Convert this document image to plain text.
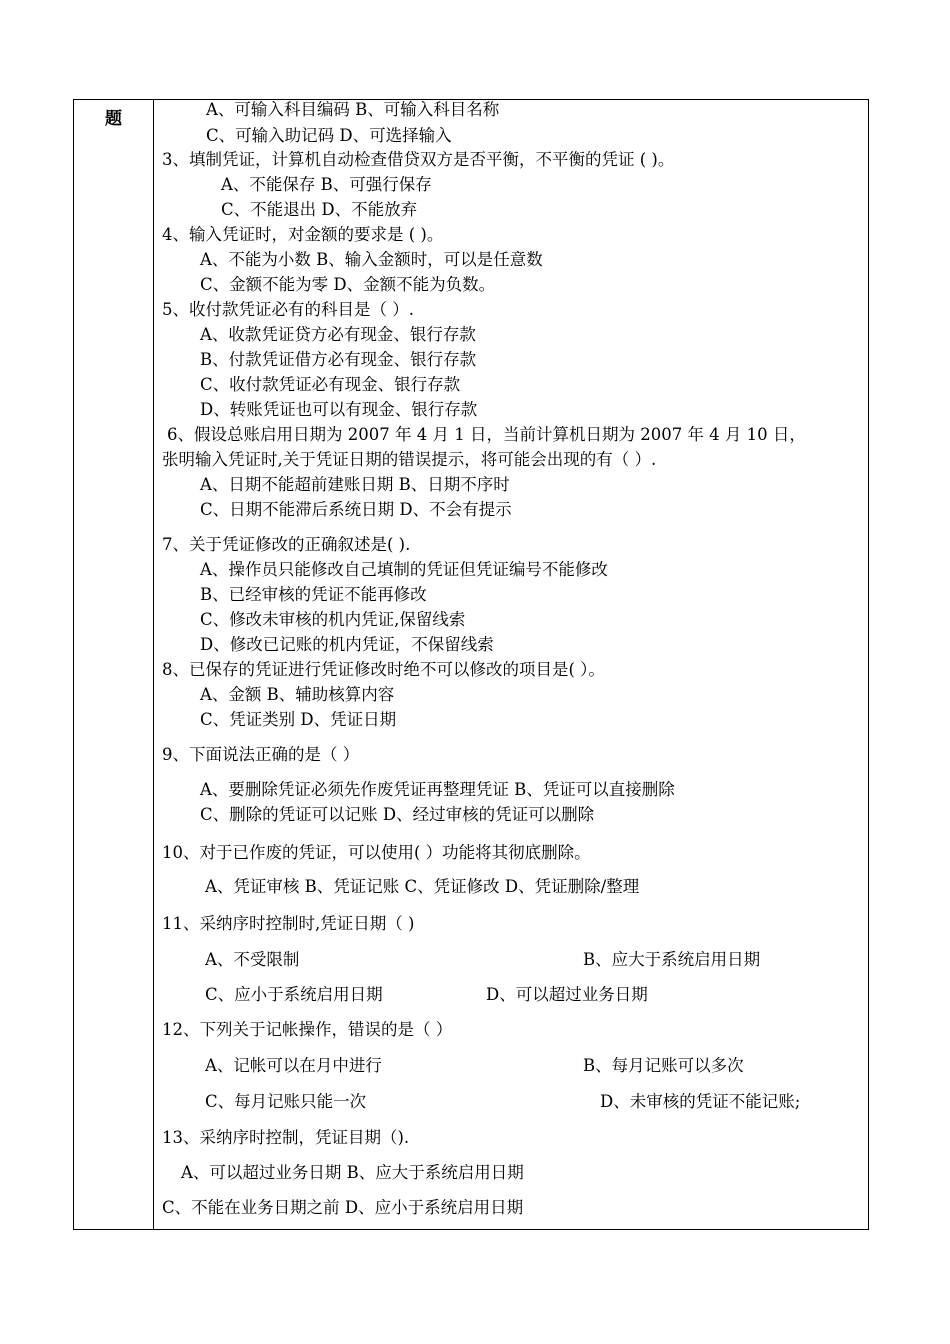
题	A、可输入科目编码 B、可输入科目名称
C、可输入助记码 D、可选择输入
3、填制凭证，计算机自动检查借贷双方是否平衡，不平衡的凭证 ( )。
A、不能保存 B、可强行保存
C、不能退出 D、不能放弃
4、输入凭证时，对金额的要求是 ( )。
A、不能为小数 B、输入金额时，可以是任意数
C、金额不能为零 D、金额不能为负数。
5、收付款凭证必有的科目是（ ）.
A、收款凭证贷方必有现金、银行存款
B、付款凭证借方必有现金、银行存款
C、收付款凭证必有现金、银行存款
D、转账凭证也可以有现金、银行存款
6、假设总账启用日期为 2007 年 4 月 1 日，当前计算机日期为 2007 年 4 月 10 日，
张明输入凭证时,关于凭证日期的错误提示，将可能会出现的有（ ）.
A、日期不能超前建账日期 B、日期不序时
C、日期不能滞后系统日期 D、不会有提示
7、关于凭证修改的正确叙述是( ).
A、操作员只能修改自己填制的凭证但凭证编号不能修改
B、已经审核的凭证不能再修改
C、修改未审核的机内凭证,保留线索
D、修改已记账的机内凭证，不保留线索
8、已保存的凭证进行凭证修改时绝不可以修改的项目是( ）。
A、金额 B、辅助核算内容
C、凭证类别 D、凭证日期
9、下面说法正确的是（ ）
A、要删除凭证必须先作废凭证再整理凭证 B、凭证可以直接删除
C、删除的凭证可以记账 D、经过审核的凭证可以删除
10、对于已作废的凭证，可以使用( ）功能将其彻底删除。
A、凭证审核 B、凭证记账 C、凭证修改 D、凭证删除/整理
11、采纳序时控制时,凭证日期（ )
A、不受限制	B、应大于系统启用日期
C、应小于系统启用日期	D、可以超过业务日期
12、下列关于记帐操作，错误的是（ ）
A、记帐可以在月中进行	B、每月记账可以多次
C、每月记账只能一次	D、未审核的凭证不能记账;
13、采纳序时控制，凭证目期（).
A、可以超过业务日期 B、应大于系统启用日期
C、不能在业务日期之前 D、应小于系统启用日期
